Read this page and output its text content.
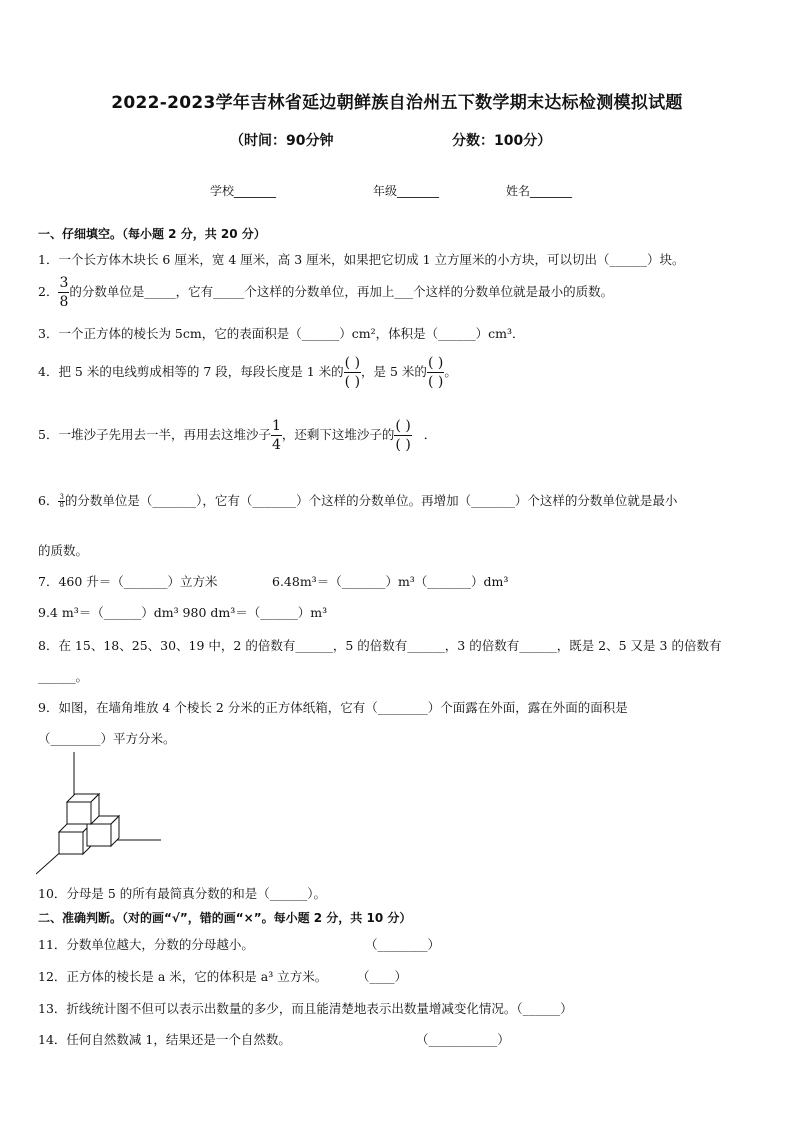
2022-2023学年吉林省延边朝鲜族自治州五下数学期末达标检测模拟试题
（时间：90分钟	分数：100分）
学校_______	年级_______	姓名_______
一、仔细填空。（每小题 2 分，共 20 分）
1．一个长方体木块长 6 厘米，宽 4 厘米，高 3 厘米，如果把它切成 1 立方厘米的小方块，可以切出（______）块。
2． $\frac{3}{8}$ 的分数单位是_____，它有_____个这样的分数单位，再加上___个这样的分数单位就是最小的质数。
3．一个正方体的棱长为 5cm，它的表面积是（______）cm²，体积是（______）cm³．
4．把 5 米的电线剪成相等的 7 段，每段长度是 1 米的 $\frac{( )}{( )}$ ，是 5 米的 $\frac{( )}{( )}$ 。
5．一堆沙子先用去一半，再用去这堆沙子 $\frac{1}{4}$ ，还剩下这堆沙子的 $\frac{( )}{( )}$ ．
6． $\frac{3}{8}$ 的分数单位是（_______），它有（_______）个这样的分数单位。再增加（_______）个这样的分数单位就是最小
的质数。
7．460 升＝（_______）立方米	6.48m³＝（_______）m³（_______）dm³
9.4 m³＝（______）dm³ 980 dm³＝（______）m³
8．在 15、18、25、30、19 中，2 的倍数有______，5 的倍数有______，3 的倍数有______，既是 2、5 又是 3 的倍数有
______。
9．如图，在墙角堆放 4 个棱长 2 分米的正方体纸箱，它有（________）个面露在外面，露在外面的面积是
（________）平方分米。
10．分母是 5 的所有最简真分数的和是（______）。
二、准确判断。（对的画“√”，错的画“×”。每小题 2 分，共 10 分）
11．分数单位越大，分数的分母越小。	（________）
12．正方体的棱长是 a 米，它的体积是 a³ 立方米。 （____）
13．折线统计图不但可以表示出数量的多少，而且能清楚地表示出数量增减变化情况。（______）
14．任何自然数减 1，结果还是一个自然数。	（___________）
